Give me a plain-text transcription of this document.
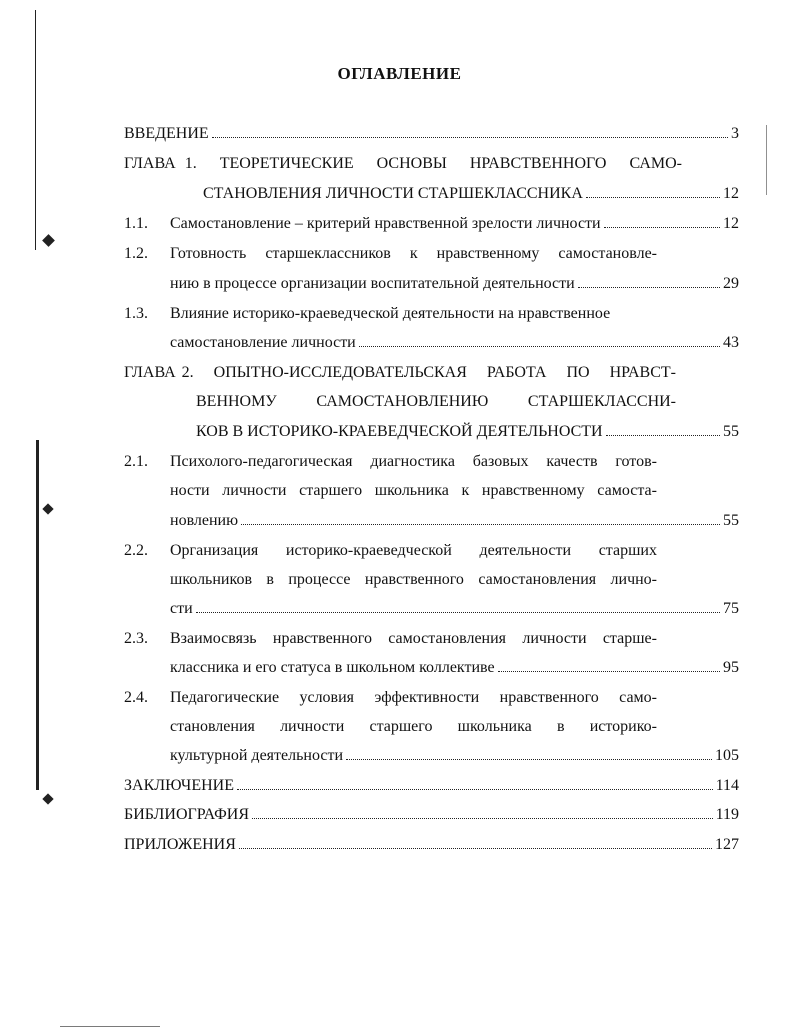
ОГЛАВЛЕНИЕ
ВВЕДЕНИЕ	3
ГЛАВА 1. ТЕОРЕТИЧЕСКИЕ ОСНОВЫ НРАВСТВЕННОГО САМО-
СТАНОВЛЕНИЯ ЛИЧНОСТИ СТАРШЕКЛАССНИКА	12
1.1. Самостановление – критерий нравственной зрелости личности	12
1.2. Готовность старшеклассников к нравственному самостановле-
нию в процессе организации воспитательной деятельности	29
1.3. Влияние историко-краеведческой деятельности на нравственное
самостановление личности	43
ГЛАВА 2. ОПЫТНО-ИССЛЕДОВАТЕЛЬСКАЯ РАБОТА ПО НРАВСТ-
ВЕННОМУ САМОСТАНОВЛЕНИЮ СТАРШЕКЛАССНИ-
КОВ В ИСТОРИКО-КРАЕВЕДЧЕСКОЙ ДЕЯТЕЛЬНОСТИ	55
2.1. Психолого-педагогическая диагностика базовых качеств готов-
ности личности старшего школьника к нравственному самоста-
новлению	55
2.2. Организация историко-краеведческой деятельности старших
школьников в процессе нравственного самостановления лично-
сти	75
2.3. Взаимосвязь нравственного самостановления личности старше-
классника и его статуса в школьном коллективе	95
2.4. Педагогические условия эффективности нравственного само-
становления личности старшего школьника в историко-
культурной деятельности	105
ЗАКЛЮЧЕНИЕ	114
БИБЛИОГРАФИЯ	119
ПРИЛОЖЕНИЯ	127
